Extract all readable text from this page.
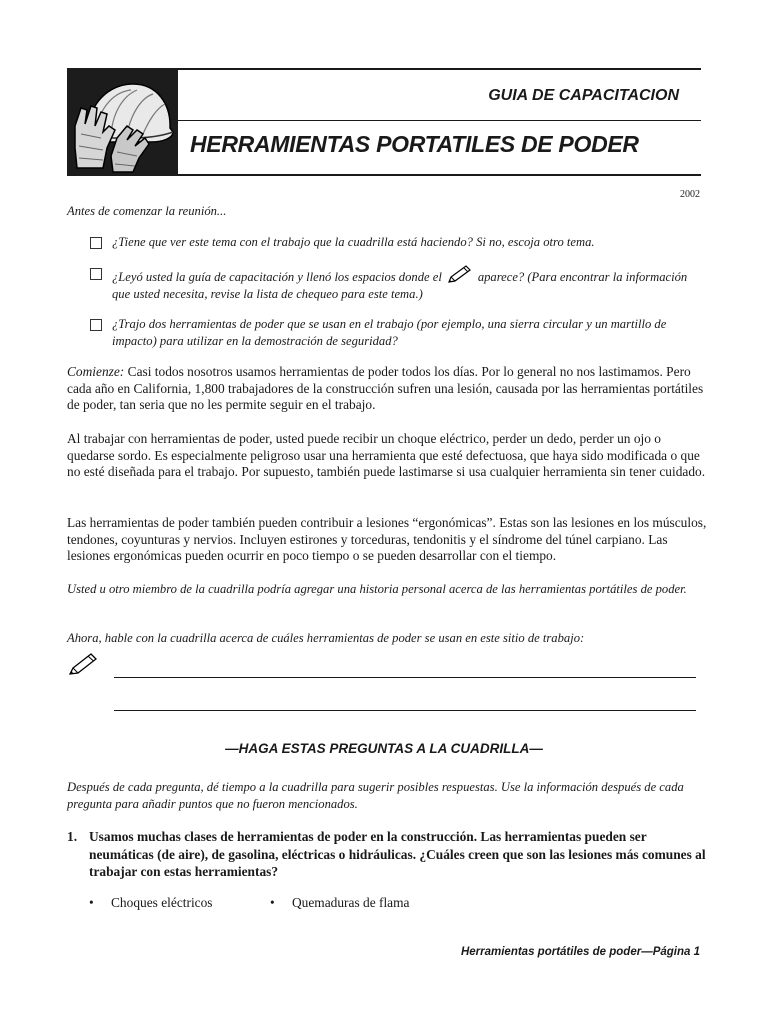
GUIA DE CAPACITACION
HERRAMIENTAS PORTATILES DE PODER
2002
Antes de comenzar la reunión...
¿Tiene que ver este tema con el trabajo que la cuadrilla está haciendo? Si no, escoja otro tema.
¿Leyó usted la guía de capacitación y llenó los espacios donde el	aparece? (Para encontrar la información que usted necesita, revise la lista de chequeo para este tema.)
¿Trajo dos herramientas de poder que se usan en el trabajo (por ejemplo, una sierra circular y un martillo de impacto) para utilizar en la demostración de seguridad?
Comienze: Casi todos nosotros usamos herramientas de poder todos los días. Por lo general no nos lastimamos. Pero cada año en California, 1,800 trabajadores de la construcción sufren una lesión, causada por las herramientas portátiles de poder, tan seria que no les permite seguir en el trabajo.
Al trabajar con herramientas de poder, usted puede recibir un choque eléctrico, perder un dedo, perder un ojo o quedarse sordo. Es especialmente peligroso usar una herramienta que esté defectuosa, que haya sido modificada o que no esté diseñada para el trabajo. Por supuesto, también puede lastimarse si usa cualquier herramienta sin tener cuidado.
Las herramientas de poder también pueden contribuir a lesiones “ergonómicas”. Estas son las lesiones en los músculos, tendones, coyunturas y nervios. Incluyen estirones y torceduras, tendonitis y el síndrome del túnel carpiano. Las lesiones ergonómicas pueden ocurrir en poco tiempo o se pueden desarrollar con el tiempo.
Usted u otro miembro de la cuadrilla podría agregar una historia personal acerca de las herramientas portátiles de poder.
Ahora, hable con la cuadrilla acerca de cuáles herramientas de poder se usan en este sitio de trabajo:
—HAGA ESTAS PREGUNTAS A LA CUADRILLA—
Después de cada pregunta, dé tiempo a la cuadrilla para sugerir posibles respuestas. Use la información después de cada pregunta para añadir puntos que no fueron mencionados.
1. Usamos muchas clases de herramientas de poder en la construcción. Las herramientas pueden ser neumáticas (de aire), de gasolina, eléctricas o hidráulicas. ¿Cuáles creen que son las lesiones más comunes al trabajar con estas herramientas?
• Choques eléctricos	• Quemaduras de flama
Herramientas portátiles de poder—Página 1
